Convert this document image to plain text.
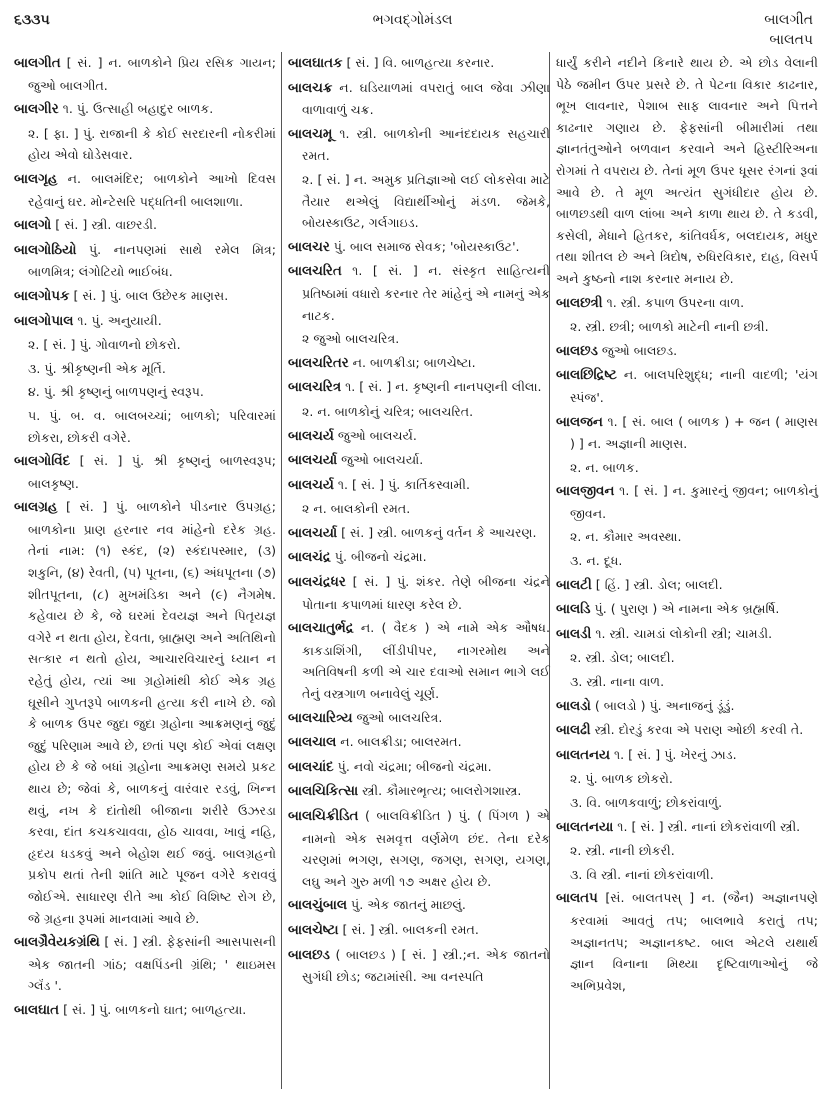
૬૩૩૫	ભગવદ્ગોમંડલ	બાલગીત
બાલતપ

બાલગીત [ સં. ] ન. બાળકોને પ્રિય રસિક ગાયન; જુઓ બાલગીત.

બાલગીર ૧. પું. ઉત્સાહી બહાદુર બાળક.

૨. [ ફા. ] પું. રાજાની કે કોઈ સરદારની નોકરીમાં હોય એવો ઘોડેસવાર.

બાલગૃહ ન. બાલમંદિર; બાળકોને આખો દિવસ રહેવાનું ઘર. મોન્ટેસરિ પદ્ધતિની બાલશાળા.

બાલગો [ સં. ] સ્ત્રી. વાછરડી.

બાલગોઠિયો પું. નાનપણમાં સાથે રમેલ મિત્ર; બાળમિત્ર; લંગોટિયો ભાઈબંધ.

બાલગોપક [ સં. ] પું. બાલ ઉછેરક માણસ.

બાલગોપાલ ૧. પું. અનુયાયી.

૨. [ સં. ] પું. ગોવાળનો છોકરો.

૩. પું. શ્રીકૃષ્ણની એક મૂર્તિ.

૪. પું. શ્રી કૃષ્ણનું બાળપણનું સ્વરૂપ.

૫. પું. બ. વ. બાલબચ્ચાં; બાળકો; પરિવારમાં છોકરા, છોકરી વગેરે.

બાલગોવિંદ [ સં. ] પું. શ્રી કૃષ્ણનું બાળસ્વરૂપ; બાલકૃષ્ણ.

બાલગ્રહ [ સં. ] પું. બાળકોને પીડનાર ઉપગ્રહ; બાળકોના પ્રાણ હરનાર નવ માંહેનો દરેક ગ્રહ. તેનાં નામ: (૧) સ્કંદ, (૨) સ્કંદાપસ્માર, (૩) શકુનિ, (૪) રેવતી, (૫) પૂતના, (૬) અંધપૂતના (૭) શીતપૂતના, (૮) મુખમંડિકા અને (૯) નૈગમેષ. કહેવાય છે કે, જે ઘરમાં દેવયજ્ઞ અને પિતૃયજ્ઞ વગેરે ન થતા હોય, દેવતા, બ્રાહ્મણ અને અતિથિનો સત્કાર ન થતો હોય, આચારવિચારનું ધ્યાન ન રહેતું હોય, ત્યાં આ ગ્રહોમાંથી કોઈ એક ગ્રહ ઘૂસીને ગુપ્તરૂપે બાળકની હત્યા કરી નાખે છે. જો કે બાળક ઉપર જુદા જુદા ગ્રહોના આક્રમણનું જુદું જુદું પરિણામ આવે છે, છતાં પણ કોઈ એવાં લક્ષણ હોય છે કે જે બધાં ગ્રહોના આક્રમણ સમયે પ્રકટ થાય છે; જેવાં કે, બાળકનું વારંવાર રડવું, ખિન્ન થવું, નખ કે દાંતોથી બીજાના શરીરે ઉઝરડા કરવા, દાંત કચકચાવવા, હોઠ ચાવવા, ખાવું નહિ, હૃદય ધડકવું અને બેહોશ થઈ જવું. બાલગ્રહનો પ્રકોપ થતાં તેની શાંતિ માટે પૂજન વગેરે કરાવવું જોઈએ. સાધારણ રીતે આ કોઈ વિશિષ્ટ રોગ છે, જે ગ્રહના રૂપમાં માનવામાં આવે છે.

બાલગ્રૈવેયકગ્રંથિ [ સં. ] સ્ત્રી. ફેફસાંની આસપાસની એક જાતની ગાંઠ; વક્ષપિંડની ગ્રંથિ; ' થાઇમસ ગ્લૅંડ '.

બાલઘાત [ સં. ] પું. બાળકનો ઘાત; બાળહત્યા.

બાલઘાતક [ સં. ] વિ. બાળહત્યા કરનાર.

બાલચક્ર ન. ઘડિયાળમાં વપરાતું બાલ જેવા ઝીણા વાળાવાળું ચક્ર.

બાલચમૂ ૧. સ્ત્રી. બાળકોની આનંદદાયક સહચારી રમત.

૨. [ સં. ] ન. અમુક પ્રતિજ્ઞાઓ લઈ લોકસેવા માટે તૈયાર થએલું વિદ્યાર્થીઓનું મંડળ. જેમકે, બોયસ્કાઉટ, ગર્લગાઇડ.

બાલચર પું. બાલ સમાજ સેવક; 'બોયસ્કાઉટ'.

બાલચરિત ૧. [ સં. ] ન. સંસ્કૃત સાહિત્યની પ્રતિષ્ઠામાં વધારો કરનાર તેર માંહેનું એ નામનું એક નાટક.

૨ જુઓ બાલચરિત્ર.

બાલચરિતર ન. બાળક્રીડા; બાળચેષ્ટા.

બાલચરિત્ર ૧. [ સં. ] ન. કૃષ્ણની નાનપણની લીલા.

૨. ન. બાળકોનું ચરિત્ર; બાલચરિત.

બાલચર્ય જુઓ બાલચર્ય.

બાલચર્યા જુઓ બાલચર્યા.

બાલચર્ય ૧. [ સં. ] પું. કાર્તિકસ્વામી.

૨ ન. બાલકોની રમત.

બાલચર્યા [ સં. ] સ્ત્રી. બાળકનું વર્તન કે આચરણ.

બાલચંદ્ર પું. બીજનો ચંદ્રમા.

બાલચંદ્રધર [ સં. ] પું. શંકર. તેણે બીજના ચંદ્રને પોતાના કપાળમાં ધારણ કરેલ છે.

બાલચાતુર્ભદ્ર ન. ( વૈદક ) એ નામે એક ઔષધ. કાકડાશિંગી, લીંડીપીપર, નાગરમોથ અને અતિવિષની કળી એ ચાર દવાઓ સમાન ભાગે લઈ તેનું વસ્ત્રગાળ બનાવેલું ચૂર્ણ.

બાલચારિત્ર્ય જુઓ બાલચરિત્ર.

બાલચાલ ન. બાલક્રીડા; બાલરમત.

બાલચાંદ પું. નવો ચંદ્રમા; બીજનો ચંદ્રમા.

બાલચિકિત્સા સ્ત્રી. કૌમારભૃત્ય; બાલરોગશાસ્ત્ર.

બાલચિક્રીડિત ( બાલવિક્રીડિત ) પું. ( પિંગળ ) એ નામનો એક સમવૃત્ત વર્ણમેળ છંદ. તેના દરેક ચરણમાં ભગણ, સગણ, જગણ, સગણ, યગણ, લઘુ અને ગુરુ મળી ૧૭ અક્ષર હોય છે.

બાલચુંબાલ પું. એક જાતનું માછલું.

બાલચેષ્ટા [ સં. ] સ્ત્રી. બાલકની રમત.

બાલછડ ( બાલછડ ) [ સં. ] સ્ત્રી.;ન. એક જાતનો સુગંધી છોડ; જટામાંસી. આ વનસ્પતિ

ધાર્યું કરીને નદીને કિનારે થાય છે. એ છોડ વેલાની પેઠે જમીન ઉપર પ્રસરે છે. તે પેટના વિકાર કાઢનાર, ભૂખ લાવનાર, પેશાબ સાફ લાવનાર અને પિત્તને કાઢનાર ગણાય છે. ફેફસાંની બીમારીમાં તથા જ્ઞાનતંતુઓને બળવાન કરવાને અને હિસ્ટીરિઅના રોગમાં તે વપરાય છે. તેનાં મૂળ ઉપર ધૂસર રંગનાં રૂવાં આવે છે. તે મૂળ અત્યંત સુગંધીદાર હોય છે. બાળછડથી વાળ લાંબા અને કાળા થાય છે. તે કડવી, કસેલી, મેધાને હિતકર, કાંતિવર્ધક, બલદાયક, મધુર તથા શીતલ છે અને ત્રિદોષ, રુધિરવિકાર, દાહ, વિસર્પ અને કુષ્ઠનો નાશ કરનાર મનાય છે.

બાલછત્રી ૧. સ્ત્રી. કપાળ ઉપરના વાળ.

૨. સ્ત્રી. છત્રી; બાળકો માટેની નાની છત્રી.

બાલછડ જુઓ બાલછડ.

બાલછિદ્રિષ્ટ ન. બાલપરિશુદ્ધ; નાની વાદળી; 'યંગ સ્પંજ'.

બાલજન ૧. [ સં. બાલ ( બાળક ) + જન ( માણસ ) ] ન. અજ્ઞાની માણસ.

૨. ન. બાળક.

બાલજીવન ૧. [ સં. ] ન. કુમારનું જીવન; બાળકોનું જીવન.

૨. ન. કૌમાર અવસ્થા.

૩. ન. દૂધ.

બાલટી [ હિં. ] સ્ત્રી. ડોલ; બાલદી.

બાલડિ પું. ( પુરાણ ) એ નામના એક બ્રહ્મર્ષિ.

બાલડી ૧. સ્ત્રી. ચામડાં લોકોની સ્ત્રી; ચામડી.

૨. સ્ત્રી. ડોલ; બાલદી.

૩. સ્ત્રી. નાના વાળ.

બાલડો ( બાલડો ) પું. અનાજનું ડૂંડું.

બાલઢી સ્ત્રી. દોરડું કરવા એ પરાણ ઓછી કરવી તે.

બાલતનય ૧. [ સં. ] પું. ખેરનું ઝાડ.

૨. પું. બાળક છોકરો.

૩. વિ. બાળકવાળું; છોકરાંવાળું.

બાલતનયા ૧. [ સં. ] સ્ત્રી. નાનાં છોકરાંવાળી સ્ત્રી.

૨. સ્ત્રી. નાની છોકરી.

૩. વિ સ્ત્રી. નાનાં છોકરાંવાળી.

બાલતપ [સં. બાલતપસ્ ] ન. (જૈન) અજ્ઞાનપણે કરવામાં આવતું તપ; બાલભાવે કરાતું તપ; અજ્ઞાનતપ; અજ્ઞાનકષ્ટ. બાલ એટલે યથાર્થ જ્ઞાન વિનાના મિથ્યા દૃષ્ટિવાળાઓનું જે અભિપ્રવેશ,
